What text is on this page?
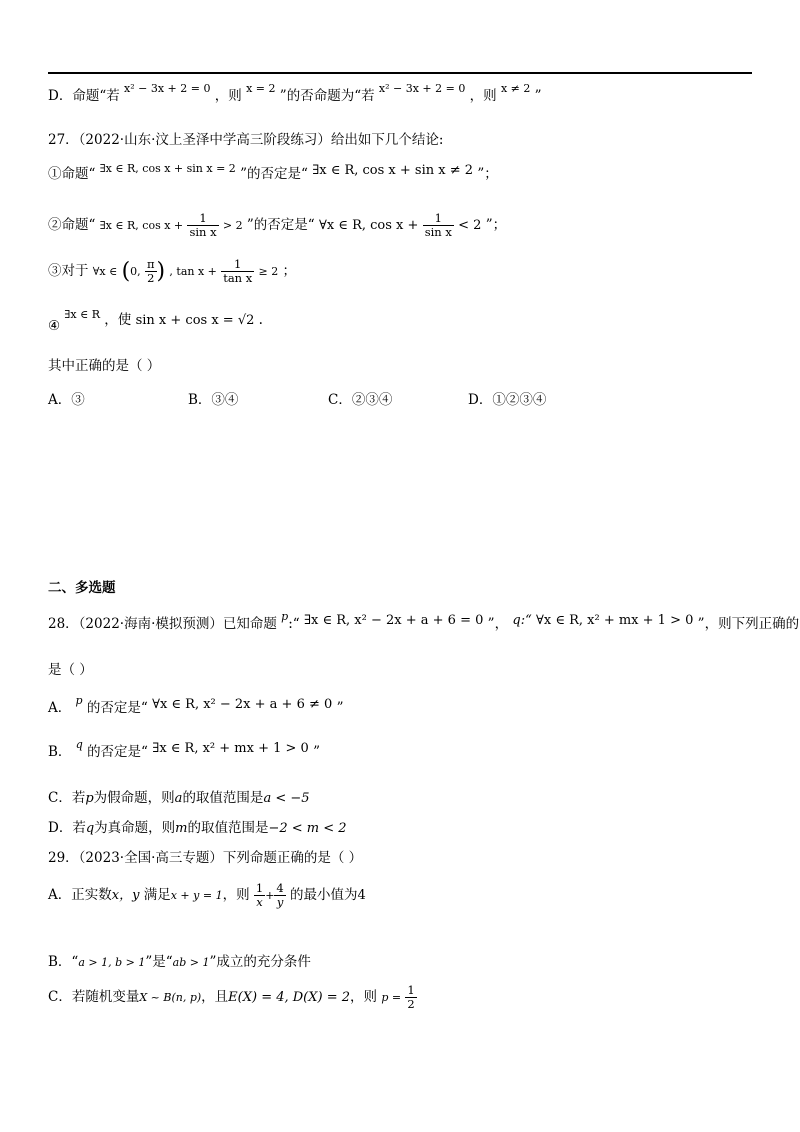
D．命题“若 $^{x^2 - 3x + 2 = 0}$ ，则 $^{x = 2}$ ”的否命题为“若 $^{x^2 - 3x + 2 = 0}$ ，则 $^{x \ne 2}$ ”
27．（2022·山东·汶上圣泽中学高三阶段练习）给出如下几个结论:
①命题“ $^{\exists x \in R, cos x + sin x = 2}$ ”的否定是“ ∃x ∈ R, cos x + sin x ≠ 2 ”；
②命题“ ∃x ∈ R, $\cos x + \frac{1}{\text{sin x}} > 2$ ”的否定是“ ∀x ∈ R, $\cos x + \frac{1}{\text{sin x}} < 2$ ”；
③对于 ∀x ∈ (0, $\frac{\pi}{2}$ ) , $\tan x + \frac{1}{\text{tan x}} \ge 2$ ；
④ $^{\exists x \in R}$ ，使 sin x + cos x = √2 .
其中正确的是（ ）
A．③	B．③④	C．②③④	D．①②③④
二、多选题
28．（2022·海南·模拟预测）已知命题 $^p$:“ ∃x ∈ R, x² − 2x + a + 6 = 0 ”， q:“ ∀x ∈ R, x² + mx + 1 > 0 ”，则下列正确的
是（ ）
A． $^p$ 的否定是“ ∀x ∈ R, x² − 2x + a + 6 ≠ 0 ”
B． $^q$ 的否定是“ ∃x ∈ R, x² + mx + 1 > 0 ”
C．若p为假命题，则a的取值范围是a < −5
D．若q为真命题，则m的取值范围是−2 < m < 2
29．（2023·全国·高三专题）下列命题正确的是（ ）
A．正实数x，y 满足x + y = 1，则 $\frac{1}{x} + \frac{4}{y}$ 的最小值为4
B．“a > 1, b > 1”是“ab > 1”成立的充分条件
C．若随机变量X ~ B(n, p)，且E(X) = 4, D(X) = 2，则 $p = \frac{1}{2}$
